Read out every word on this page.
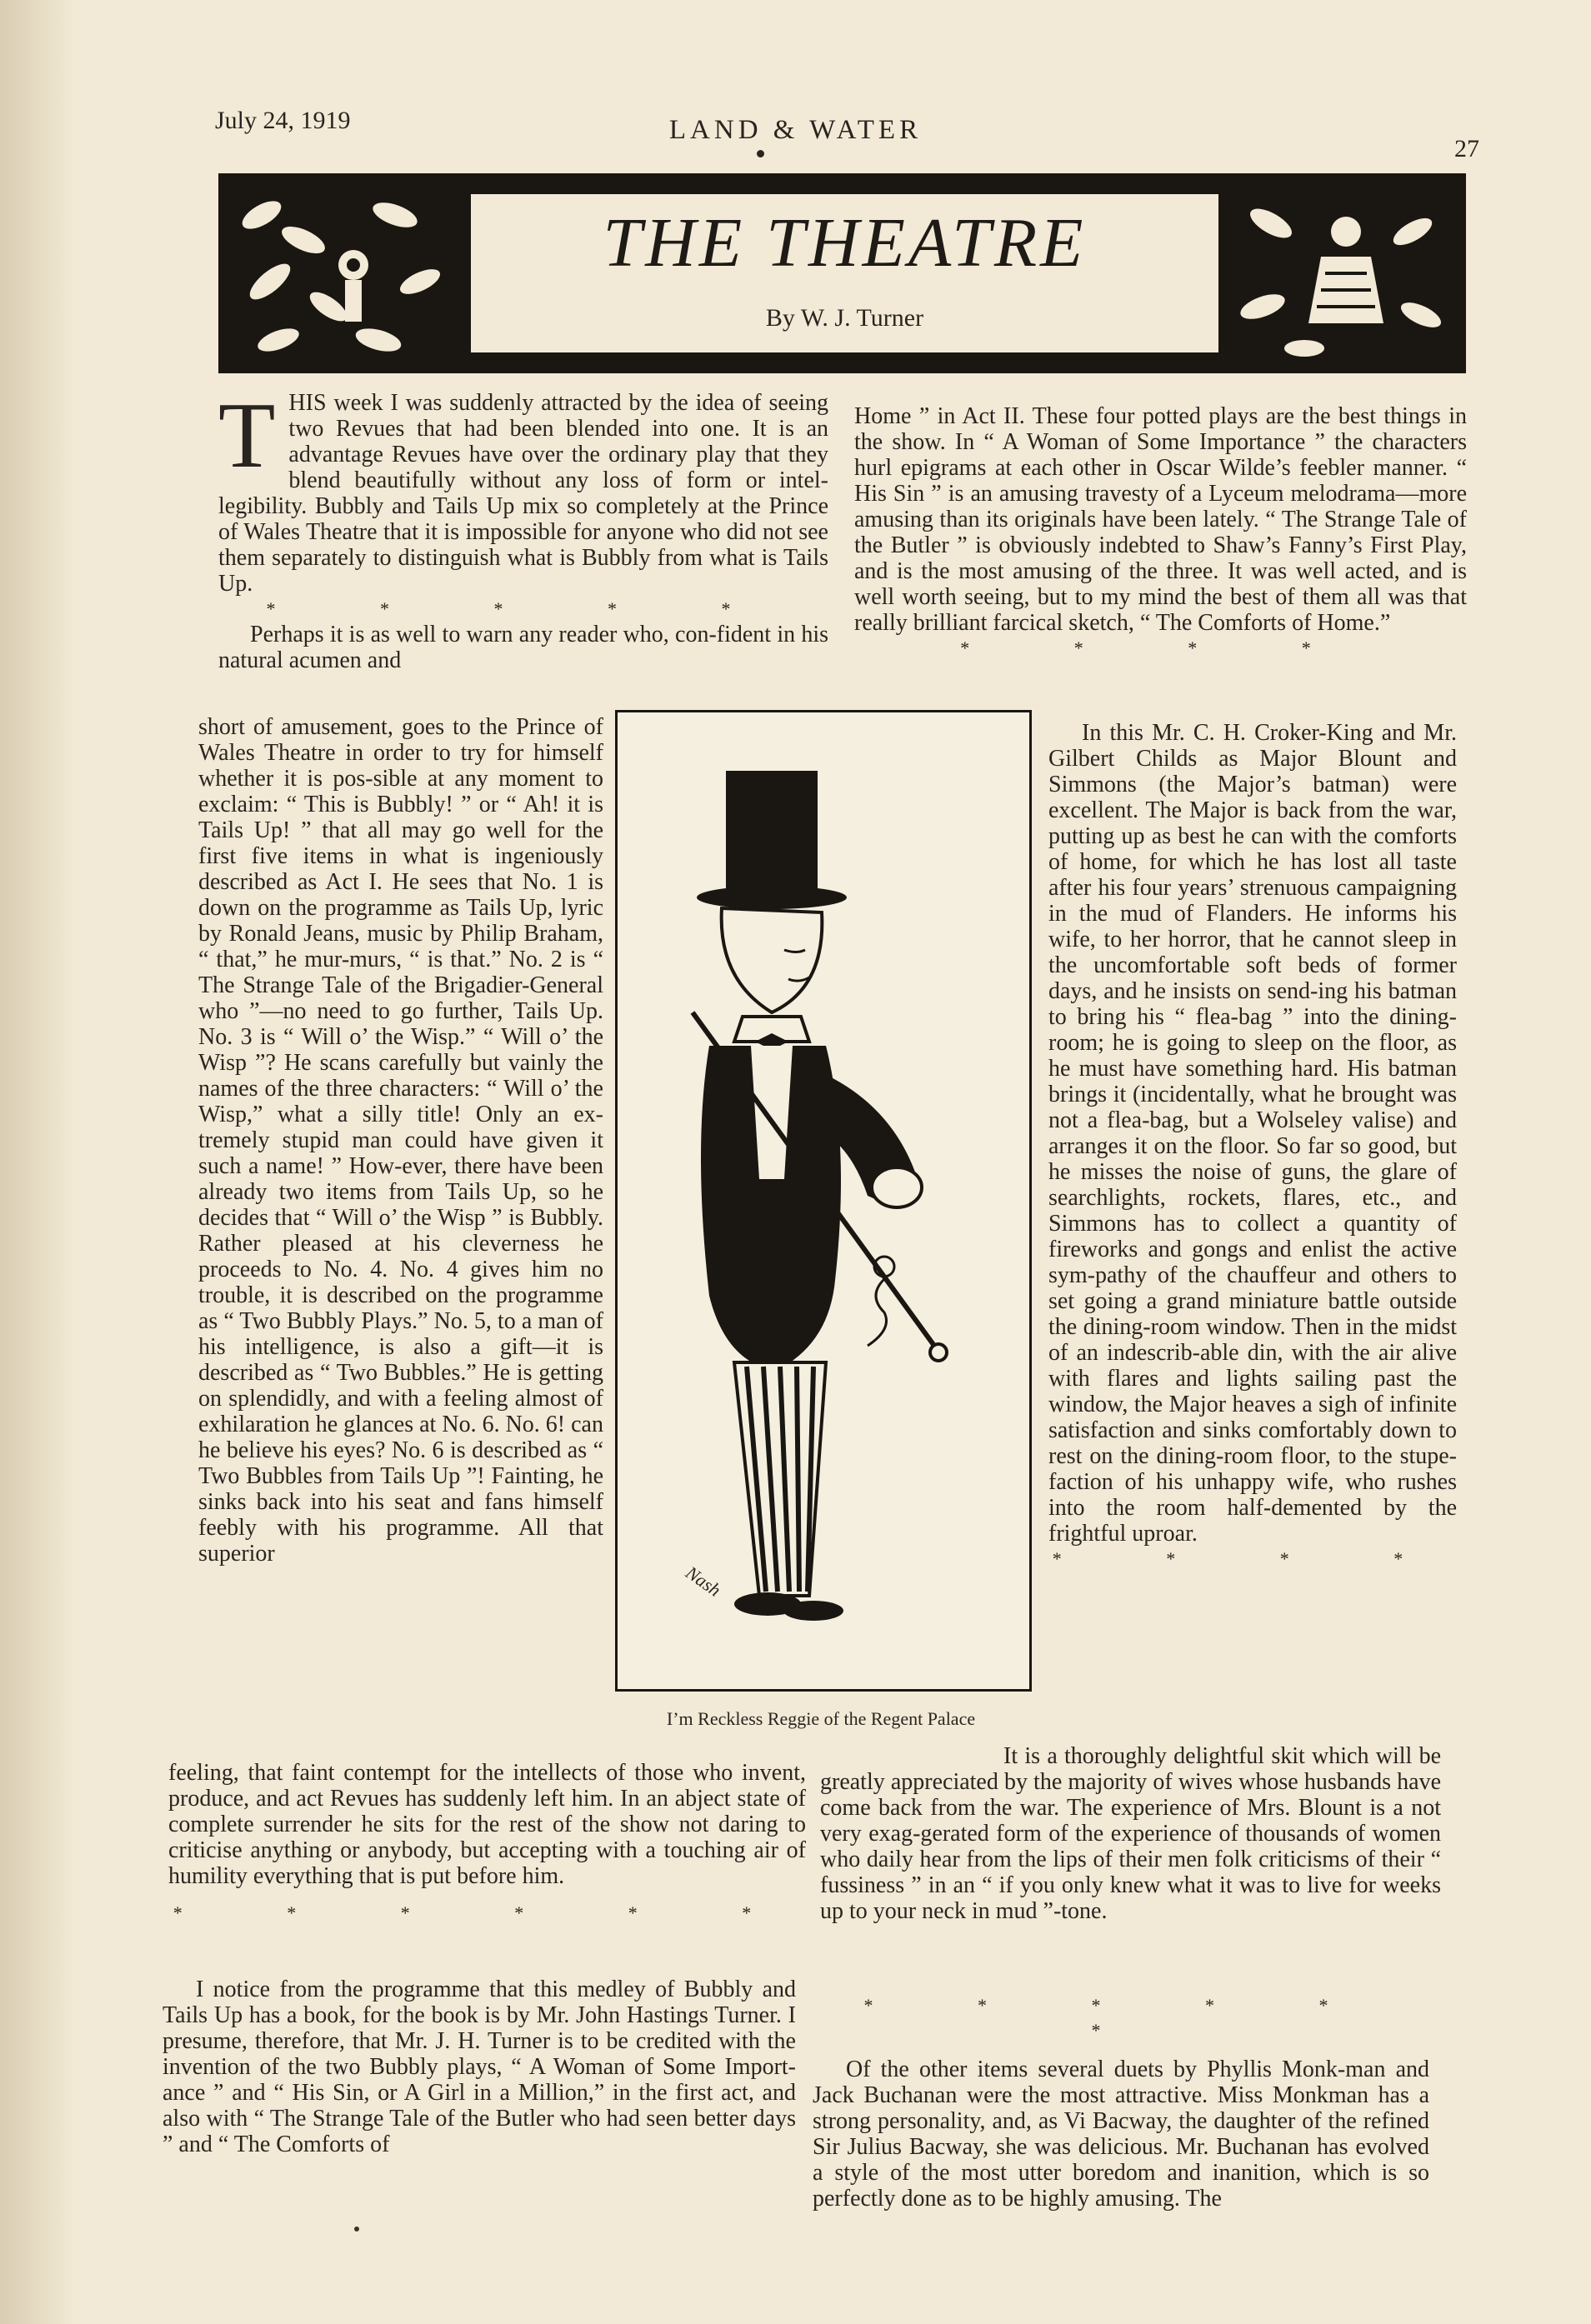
July 24, 1919	LAND & WATER
27
THE THEATRE
By W. J. Turner
T HIS week I was suddenly attracted by the idea of seeing two Revues that had been blended into one. It is an advantage Revues have over the ordinary play that they blend beautifully without any loss of form or intel-legibility. Bubbly and Tails Up mix so completely at the Prince of Wales Theatre that it is impossible for anyone who did not see them separately to distinguish what is Bubbly from what is Tails Up.

* * * * *

Perhaps it is as well to warn any reader who, con-fident in his natural acumen and

Home ” in Act II. These four potted plays are the best things in the show. In “ A Woman of Some Importance ” the characters hurl epigrams at each other in Oscar Wilde’s feebler manner. “ His Sin ” is an amusing travesty of a Lyceum melodrama—more amusing than its originals have been lately. “ The Strange Tale of the Butler ” is obviously indebted to Shaw’s Fanny’s First Play, and is the most amusing of the three. It was well acted, and is well worth seeing, but to my mind the best of them all was that really brilliant farcical sketch, “ The Comforts of Home.”

* * * *

short of amusement, goes to the Prince of Wales Theatre in order to try for himself whether it is pos-sible at any moment to exclaim: “ This is Bubbly! ” or “ Ah! it is Tails Up! ” that all may go well for the first five items in what is ingeniously described as Act I. He sees that No. 1 is down on the programme as Tails Up, lyric by Ronald Jeans, music by Philip Braham, “ that,” he mur-murs, “ is that.” No. 2 is “ The Strange Tale of the Brigadier-General who ”—no need to go further, Tails Up. No. 3 is “ Will o’ the Wisp.” “ Will o’ the Wisp ”? He scans carefully but vainly the names of the three characters: “ Will o’ the Wisp,” what a silly title! Only an ex-tremely stupid man could have given it such a name! ” How-ever, there have been already two items from Tails Up, so he decides that “ Will o’ the Wisp ” is Bubbly. Rather pleased at his cleverness he proceeds to No. 4. No. 4 gives him no trouble, it is described on the programme as “ Two Bubbly Plays.” No. 5, to a man of his intelligence, is also a gift—it is described as “ Two Bubbles.” He is getting on splendidly, and with a feeling almost of exhilaration he glances at No. 6. No. 6! can he believe his eyes? No. 6 is described as “ Two Bubbles from Tails Up ”! Fainting, he sinks back into his seat and fans himself feebly with his programme. All that superior

Nash
I’m Reckless Reggie of the Regent Palace

In this Mr. C. H. Croker-King and Mr. Gilbert Childs as Major Blount and Simmons (the Major’s batman) were excellent. The Major is back from the war, putting up as best he can with the comforts of home, for which he has lost all taste after his four years’ strenuous campaigning in the mud of Flanders. He informs his wife, to her horror, that he cannot sleep in the uncomfortable soft beds of former days, and he insists on send-ing his batman to bring his “ flea-bag ” into the dining-room; he is going to sleep on the floor, as he must have something hard. His batman brings it (incidentally, what he brought was not a flea-bag, but a Wolseley valise) and arranges it on the floor. So far so good, but he misses the noise of guns, the glare of searchlights, rockets, flares, etc., and Simmons has to collect a quantity of fireworks and gongs and enlist the active sym-pathy of the chauffeur and others to set going a grand miniature battle outside the dining-room window. Then in the midst of an indescrib-able din, with the air alive with flares and lights sailing past the window, the Major heaves a sigh of infinite satisfaction and sinks comfortably down to rest on the dining-room floor, to the stupe-faction of his unhappy wife, who rushes into the room half-demented by the frightful uproar.

* * * *

feeling, that faint contempt for the intellects of those who invent, produce, and act Revues has suddenly left him. In an abject state of complete surrender he sits for the rest of the show not daring to criticise anything or anybody, but accepting with a touching air of humility everything that is put before him.

* * * * * *

It is a thoroughly delightful skit which will be greatly appreciated by the majority of wives whose husbands have come back from the war. The experience of Mrs. Blount is a not very exag-gerated form of the experience of thousands of women who daily hear from the lips of their men folk criticisms of their “ fussiness ” in an “ if you only knew what it was to live for weeks up to your neck in mud ”-tone.

I notice from the programme that this medley of Bubbly and Tails Up has a book, for the book is by Mr. John Hastings Turner. I presume, therefore, that Mr. J. H. Turner is to be credited with the invention of the two Bubbly plays, “ A Woman of Some Import-ance ” and “ His Sin, or A Girl in a Million,” in the first act, and also with “ The Strange Tale of the Butler who had seen better days ” and “ The Comforts of

* * * * * *

Of the other items several duets by Phyllis Monk-man and Jack Buchanan were the most attractive. Miss Monkman has a strong personality, and, as Vi Bacway, the daughter of the refined Sir Julius Bacway, she was delicious. Mr. Buchanan has evolved a style of the most utter boredom and inanition, which is so perfectly done as to be highly amusing. The
